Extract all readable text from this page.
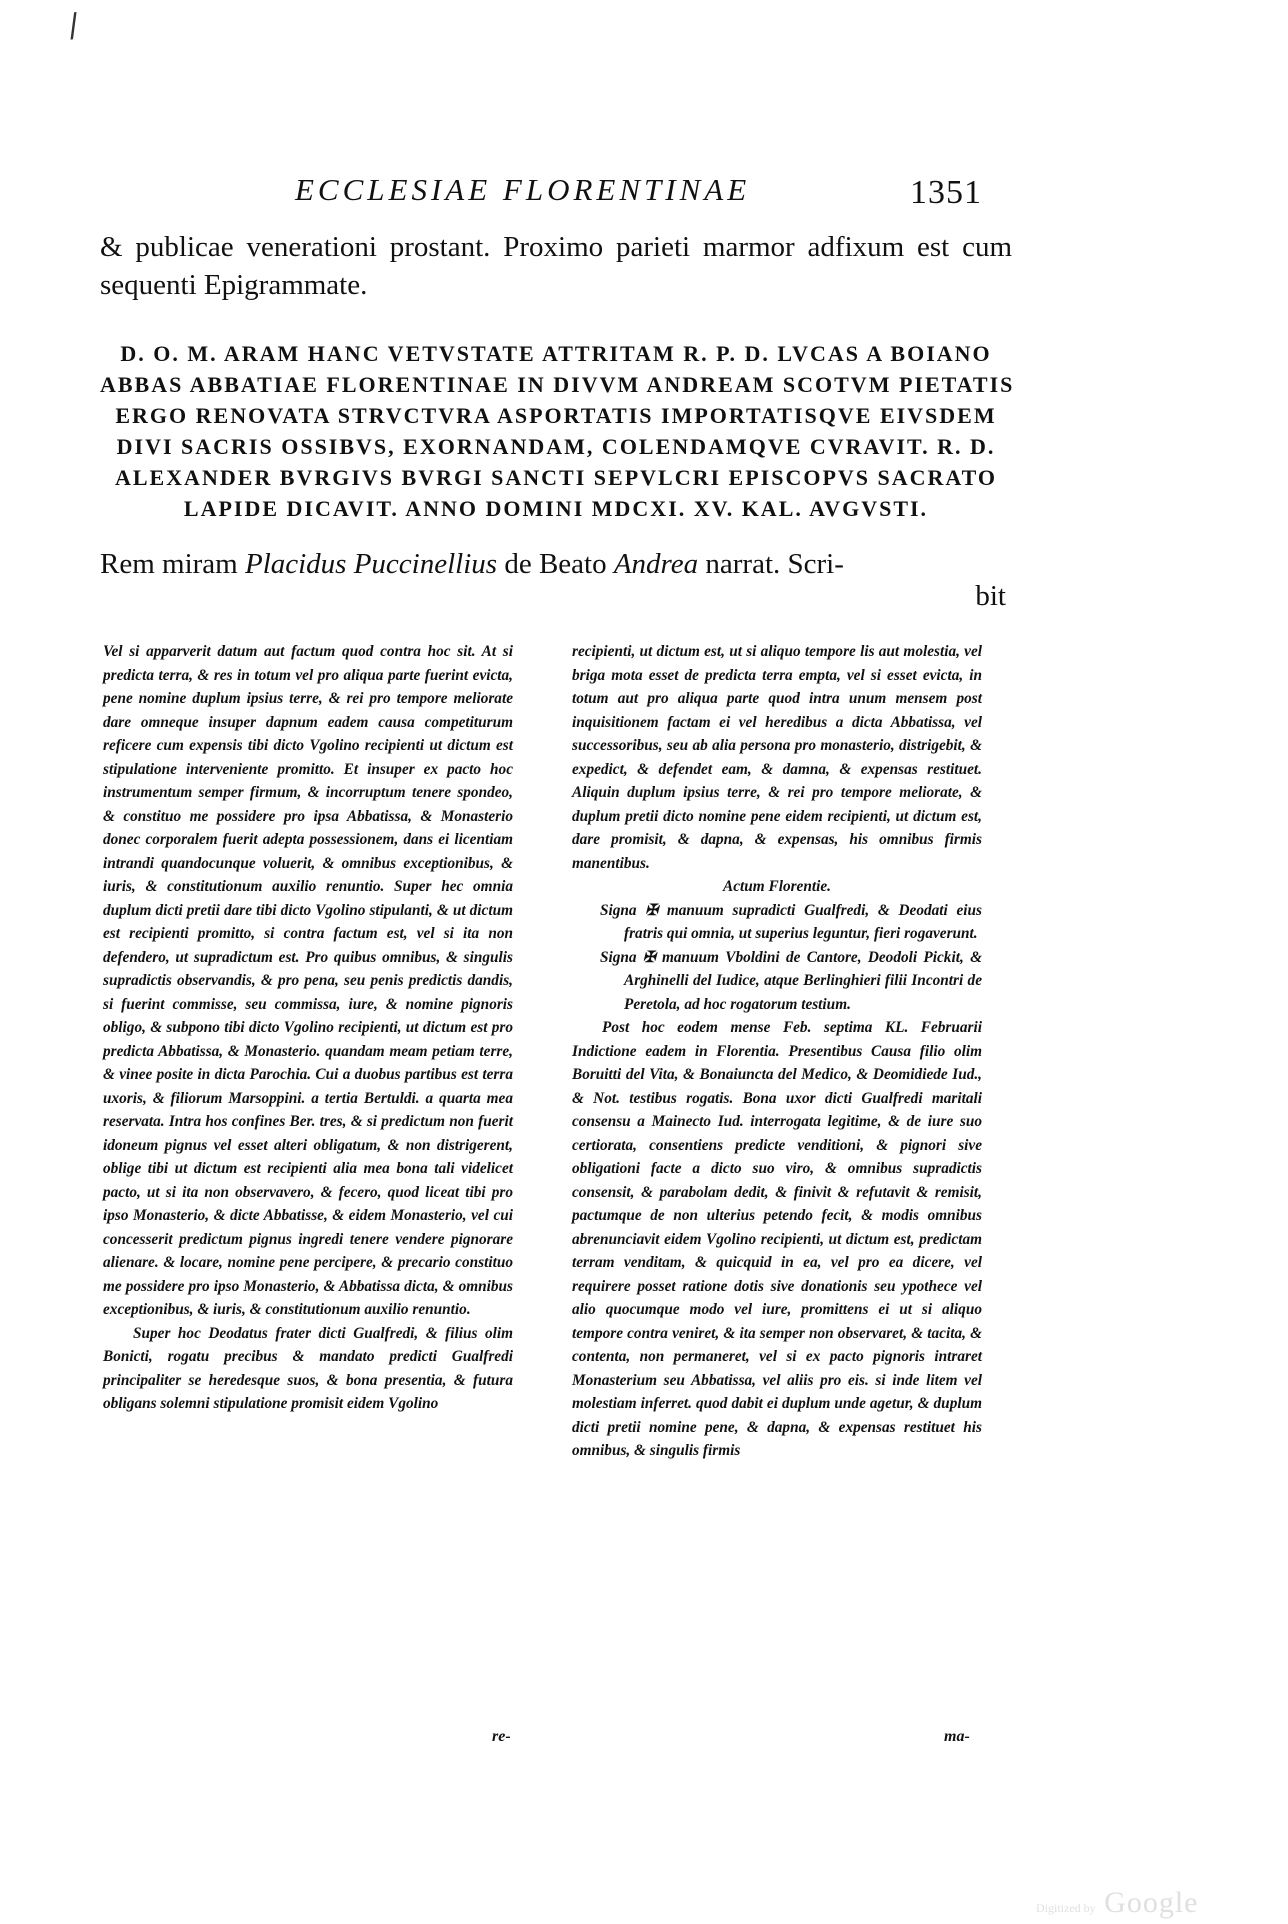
/
ECCLESIAE FLORENTINAE	1351

& publicae venerationi prostant. Proximo parieti marmor adfixum est cum sequenti Epigrammate.

D. O. M. ARAM HANC VETVSTATE ATTRITAM R. P. D. LVCAS A BOIANO
ABBAS ABBATIAE FLORENTINAE IN DIVVM ANDREAM SCOTVM PIETATIS
ERGO RENOVATA STRVCTVRA ASPORTATIS IMPORTATISQVE EIVSDEM
DIVI SACRIS OSSIBVS, EXORNANDAM, COLENDAMQVE CVRAVIT. R. D.
ALEXANDER BVRGIVS BVRGI SANCTI SEPVLCRI EPISCOPVS SACRATO
LAPIDE DICAVIT. ANNO DOMINI MDCXI. XV. KAL. AVGVSTI.

Rem miram Placidus Puccinellius de Beato Andrea narrat. Scri-
bit

Vel si apparverit datum aut factum quod contra hoc sit. At si predicta terra, & res in totum vel pro aliqua parte fuerint evicta, pene nomine duplum ipsius terre, & rei pro tempore meliorate dare omneque insuper dapnum eadem causa competiturum reficere cum expensis tibi dicto Vgolino recipienti ut dictum est stipulatione interveniente promitto. Et insuper ex pacto hoc instrumentum semper firmum, & incorruptum tenere spondeo, & constituo me possidere pro ipsa Abbatissa, & Monasterio donec corporalem fuerit adepta possessionem, dans ei licentiam intrandi quandocunque voluerit, & omnibus exceptionibus, & iuris, & constitutionum auxilio renuntio. Super hec omnia duplum dicti pretii dare tibi dicto Vgolino stipulanti, & ut dictum est recipienti promitto, si contra factum est, vel si ita non defendero, ut supradictum est. Pro quibus omnibus, & singulis supradictis observandis, & pro pena, seu penis predictis dandis, si fuerint commisse, seu commissa, iure, & nomine pignoris obligo, & subpono tibi dicto Vgolino recipienti, ut dictum est pro predicta Abbatissa, & Monasterio. quandam meam petiam terre, & vinee posite in dicta Parochia. Cui a duobus partibus est terra uxoris, & filiorum Marsoppini. a tertia Bertuldi. a quarta mea reservata. Intra hos confines Ber. tres, & si predictum non fuerit idoneum pignus vel esset alteri obligatum, & non distrigerent, oblige tibi ut dictum est recipienti alia mea bona tali videlicet pacto, ut si ita non observavero, & fecero, quod liceat tibi pro ipso Monasterio, & dicte Abbatisse, & eidem Monasterio, vel cui concesserit predictum pignus ingredi tenere vendere pignorare alienare. & locare, nomine pene percipere, & precario constituo me possidere pro ipso Monasterio, & Abbatissa dicta, & omnibus exceptionibus, & iuris, & constitutionum auxilio renuntio.

Super hoc Deodatus frater dicti Gualfredi, & filius olim Bonicti, rogatu precibus & mandato predicti Gualfredi principaliter se heredesque suos, & bona presentia, & futura obligans solemni stipulatione promisit eidem Vgolino

re-

recipienti, ut dictum est, ut si aliquo tempore lis aut molestia, vel briga mota esset de predicta terra empta, vel si esset evicta, in totum aut pro aliqua parte quod intra unum mensem post inquisitionem factam ei vel heredibus a dicta Abbatissa, vel successoribus, seu ab alia persona pro monasterio, distrigebit, & expedict, & defendet eam, & damna, & expensas restituet. Aliquin duplum ipsius terre, & rei pro tempore meliorate, & duplum pretii dicto nomine pene eidem recipienti, ut dictum est, dare promisit, & dapna, & expensas, his omnibus firmis manentibus.

Actum Florentie.

Signa ✠ manuum supradicti Gualfredi, & Deodati eius fratris qui omnia, ut superius leguntur, fieri rogaverunt.

Signa ✠ manuum Vboldini de Cantore, Deodoli Pickit, & Arghinelli del Iudice, atque Berlinghieri filii Incontri de Peretola, ad hoc rogatorum testium.

Post hoc eodem mense Feb. septima KL. Februarii Indictione eadem in Florentia. Presentibus Causa filio olim Boruitti del Vita, & Bonaiuncta del Medico, & Deomidiede Iud., & Not. testibus rogatis. Bona uxor dicti Gualfredi maritali consensu a Mainecto Iud. interrogata legitime, & de iure suo certiorata, consentiens predicte venditioni, & pignori sive obligationi facte a dicto suo viro, & omnibus supradictis consensit, & parabolam dedit, & finivit & refutavit & remisit, pactumque de non ulterius petendo fecit, & modis omnibus abrenunciavit eidem Vgolino recipienti, ut dictum est, predictam terram venditam, & quicquid in ea, vel pro ea dicere, vel requirere posset ratione dotis sive donationis seu ypothece vel alio quocumque modo vel iure, promittens ei ut si aliquo tempore contra veniret, & ita semper non observaret, & tacita, & contenta, non permaneret, vel si ex pacto pignoris intraret Monasterium seu Abbatissa, vel aliis pro eis. si inde litem vel molestiam inferret. quod dabit ei duplum unde agetur, & duplum dicti pretii nomine pene, & dapna, & expensas restituet his omnibus, & singulis firmis

ma-
Digitized by Google
